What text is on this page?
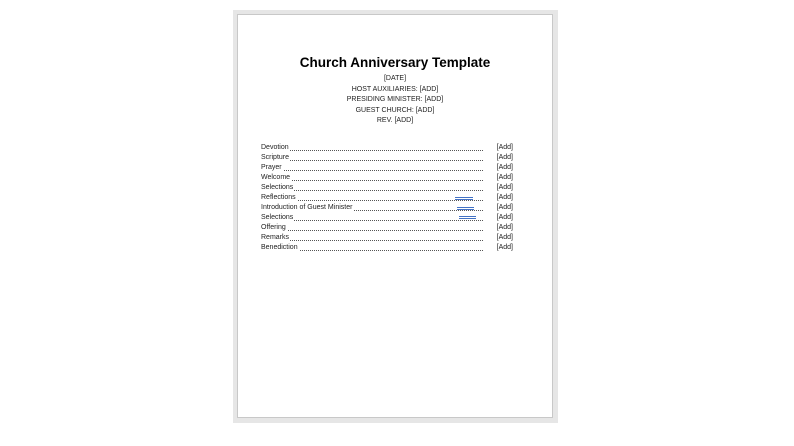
Church Anniversary Template
[DATE]
HOST AUXILIARIES: [ADD]
PRESIDING MINISTER: [ADD]
GUEST CHURCH: [ADD]
REV. [ADD]
Devotion	[Add]
Scripture	[Add]
Prayer	[Add]
Welcome	[Add]
Selections	[Add]
Reflections	[Add]
Introduction of Guest Minister	[Add]
Selections	[Add]
Offering	[Add]
Remarks	[Add]
Benediction	[Add]
